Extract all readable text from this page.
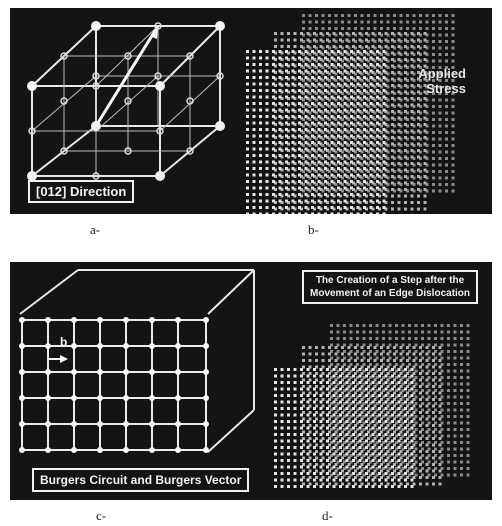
[012] Direction
Applied
Stress
a-	b-
b
Burgers Circuit and Burgers Vector
The Creation of a Step after the
Movement of an Edge Dislocation
c-	d-
